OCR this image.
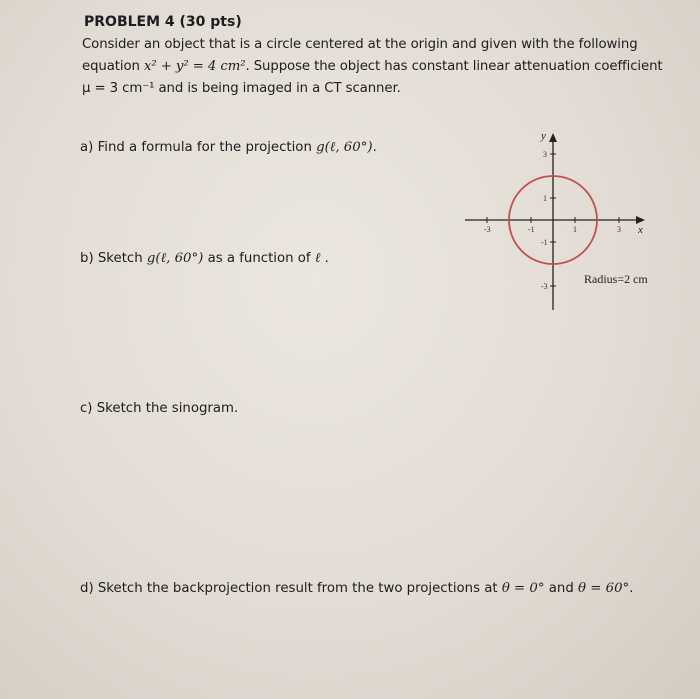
PROBLEM 4 (30 pts)
Consider an object that is a circle centered at the origin and given with the following
equation x² + y² = 4 cm². Suppose the object has constant linear attenuation coefficient
μ = 3 cm⁻¹ and is being imaged in a CT scanner.
a) Find a formula for the projection g(ℓ, 60°).
b) Sketch g(ℓ, 60°) as a function of ℓ .
c) Sketch the sinogram.
d) Sketch the backprojection result from the two projections at θ = 0° and θ = 60°.
-3	-1	1	3
3
1
-1
-3
x
y
Radius=2 cm
